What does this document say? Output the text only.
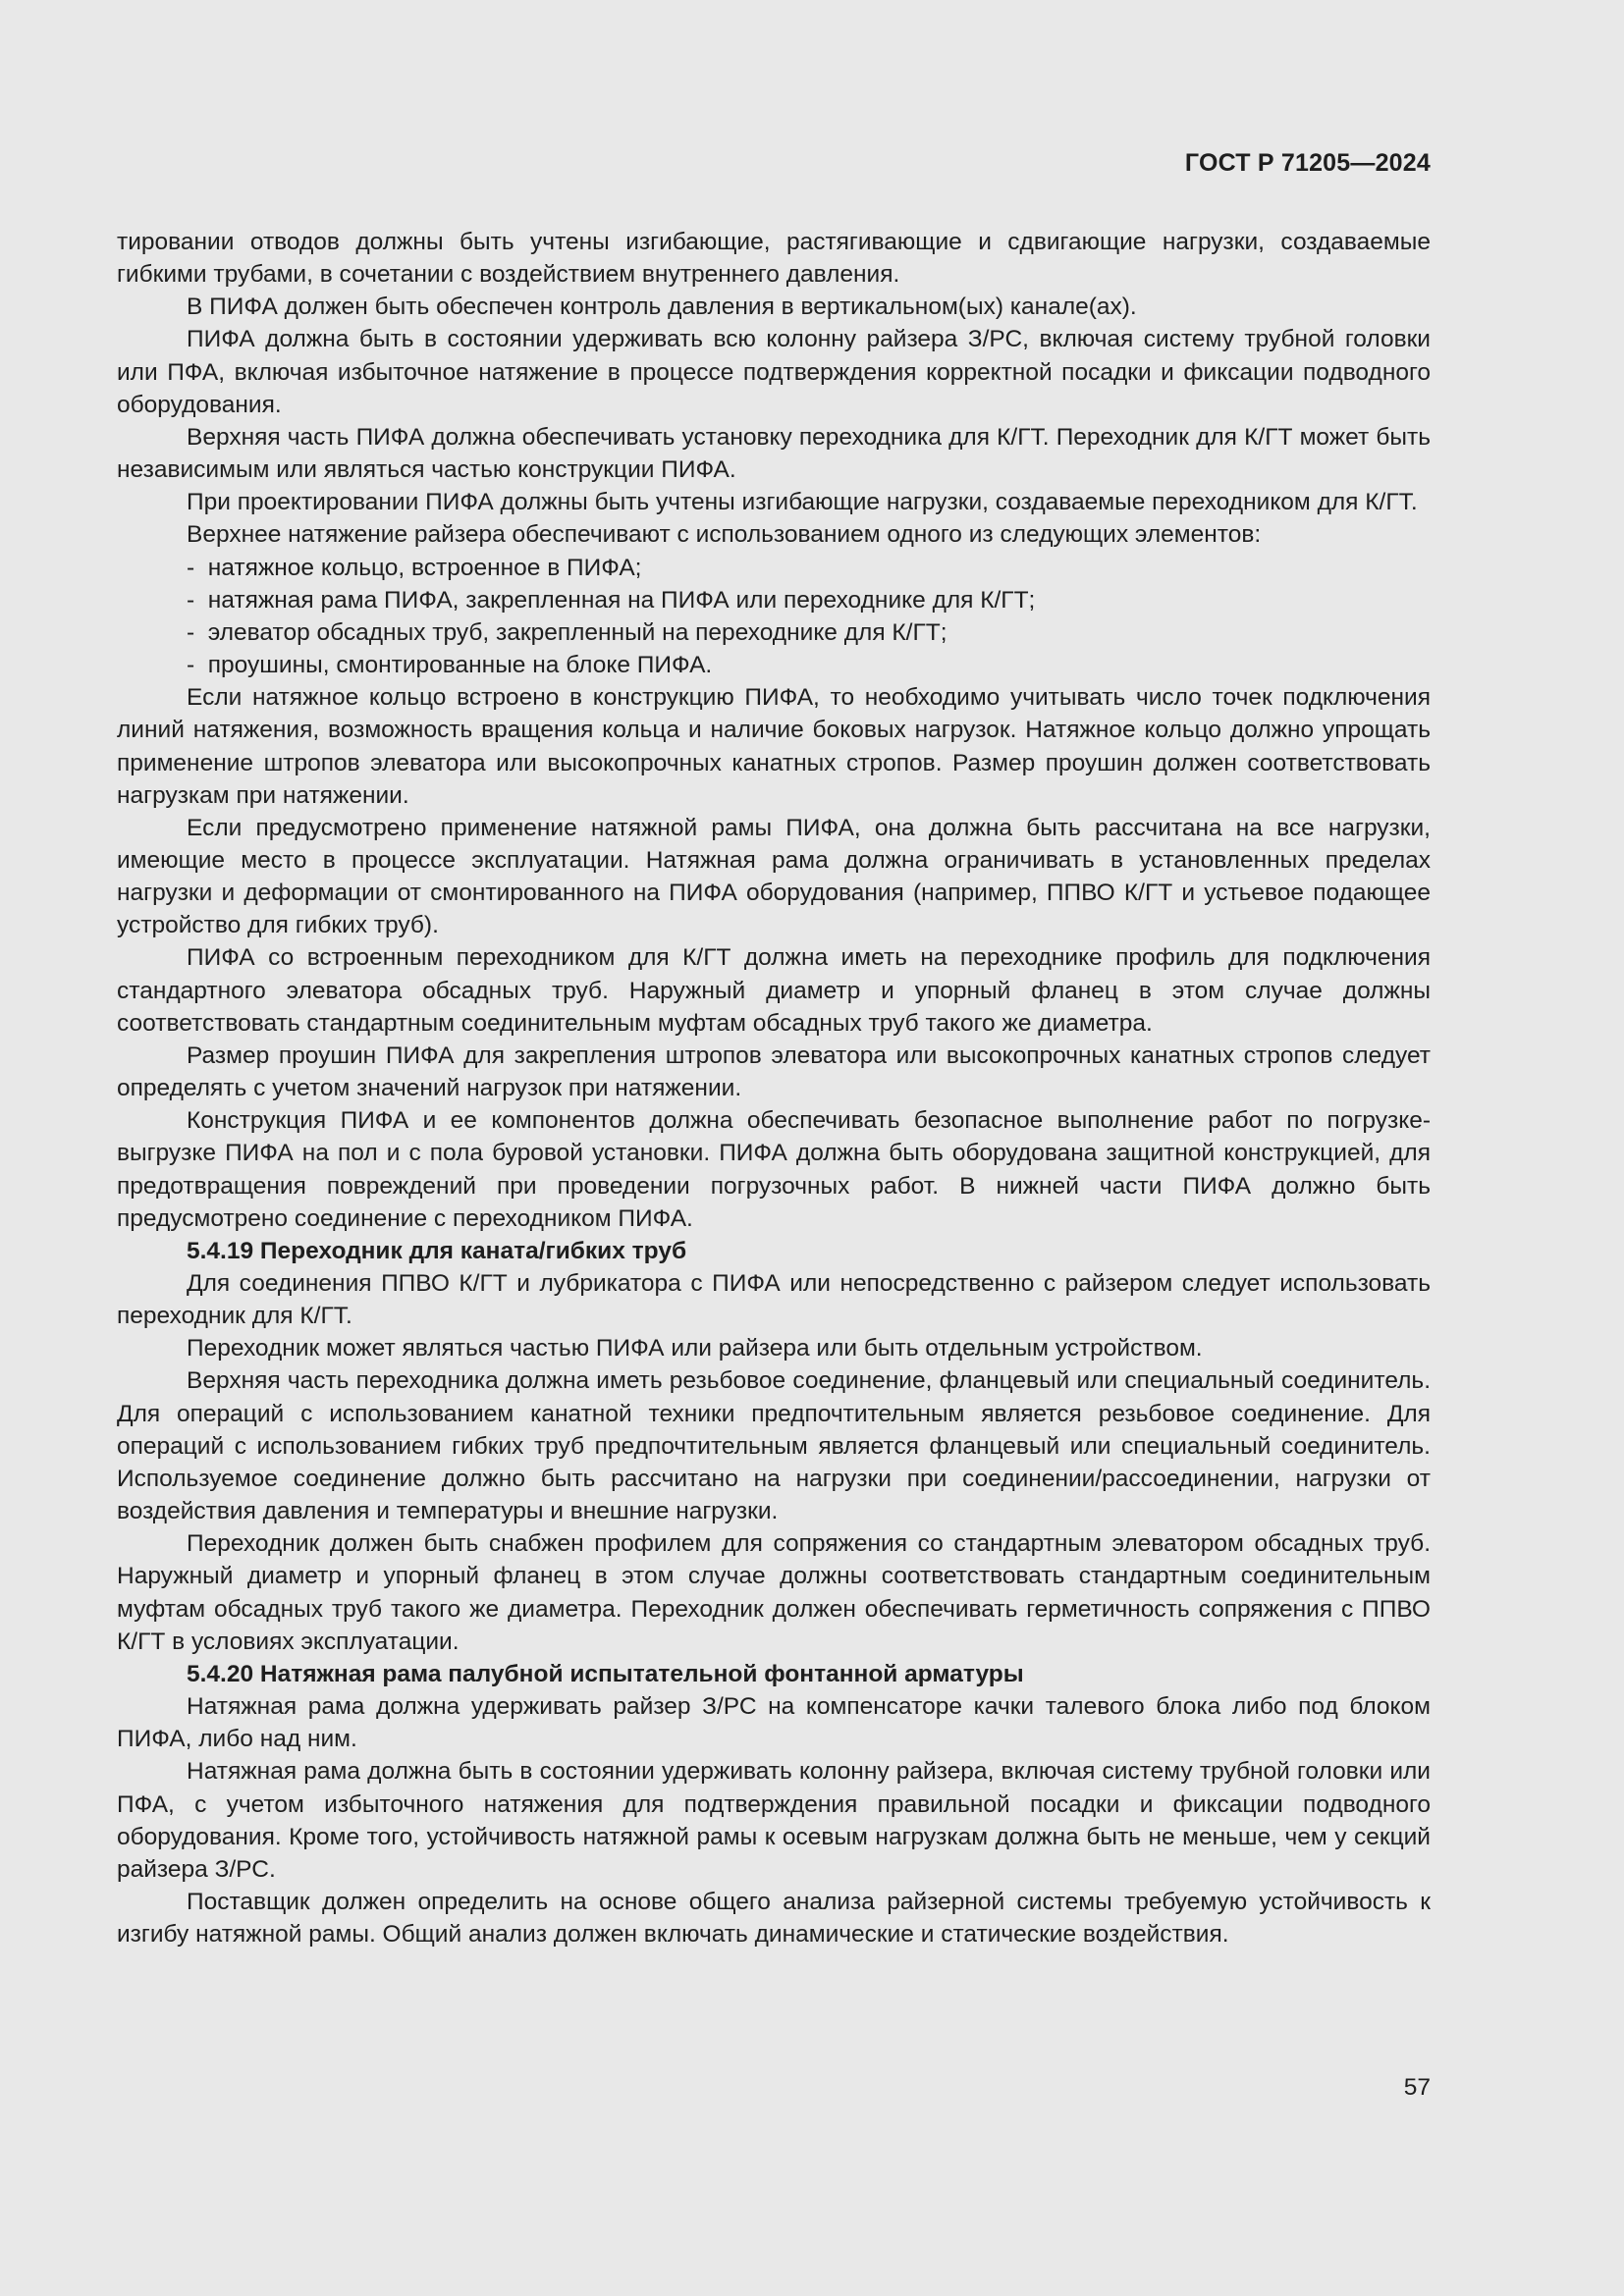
ГОСТ Р 71205—2024

тировании отводов должны быть учтены изгибающие, растягивающие и сдвигающие нагрузки, создаваемые гибкими трубами, в сочетании с воздействием внутреннего давления.

В ПИФА должен быть обеспечен контроль давления в вертикальном(ых) канале(ах).

ПИФА должна быть в состоянии удерживать всю колонну райзера З/РС, включая систему трубной головки или ПФА, включая избыточное натяжение в процессе подтверждения корректной посадки и фиксации подводного оборудования.

Верхняя часть ПИФА должна обеспечивать установку переходника для К/ГТ. Переходник для К/ГТ может быть независимым или являться частью конструкции ПИФА.

При проектировании ПИФА должны быть учтены изгибающие нагрузки, создаваемые переходником для К/ГТ.

Верхнее натяжение райзера обеспечивают с использованием одного из следующих элементов:

- натяжное кольцо, встроенное в ПИФА;

- натяжная рама ПИФА, закрепленная на ПИФА или переходнике для К/ГТ;

- элеватор обсадных труб, закрепленный на переходнике для К/ГТ;

- проушины, смонтированные на блоке ПИФА.

Если натяжное кольцо встроено в конструкцию ПИФА, то необходимо учитывать число точек подключения линий натяжения, возможность вращения кольца и наличие боковых нагрузок. Натяжное кольцо должно упрощать применение штропов элеватора или высокопрочных канатных стропов. Размер проушин должен соответствовать нагрузкам при натяжении.

Если предусмотрено применение натяжной рамы ПИФА, она должна быть рассчитана на все нагрузки, имеющие место в процессе эксплуатации. Натяжная рама должна ограничивать в установленных пределах нагрузки и деформации от смонтированного на ПИФА оборудования (например, ППВО К/ГТ и устьевое подающее устройство для гибких труб).

ПИФА со встроенным переходником для К/ГТ должна иметь на переходнике профиль для подключения стандартного элеватора обсадных труб. Наружный диаметр и упорный фланец в этом случае должны соответствовать стандартным соединительным муфтам обсадных труб такого же диаметра.

Размер проушин ПИФА для закрепления штропов элеватора или высокопрочных канатных стропов следует определять с учетом значений нагрузок при натяжении.

Конструкция ПИФА и ее компонентов должна обеспечивать безопасное выполнение работ по погрузке-выгрузке ПИФА на пол и с пола буровой установки. ПИФА должна быть оборудована защитной конструкцией, для предотвращения повреждений при проведении погрузочных работ. В нижней части ПИФА должно быть предусмотрено соединение с переходником ПИФА.

5.4.19 Переходник для каната/гибких труб

Для соединения ППВО К/ГТ и лубрикатора с ПИФА или непосредственно с райзером следует использовать переходник для К/ГТ.

Переходник может являться частью ПИФА или райзера или быть отдельным устройством.

Верхняя часть переходника должна иметь резьбовое соединение, фланцевый или специальный соединитель. Для операций с использованием канатной техники предпочтительным является резьбовое соединение. Для операций с использованием гибких труб предпочтительным является фланцевый или специальный соединитель. Используемое соединение должно быть рассчитано на нагрузки при соединении/рассоединении, нагрузки от воздействия давления и температуры и внешние нагрузки.

Переходник должен быть снабжен профилем для сопряжения со стандартным элеватором обсадных труб. Наружный диаметр и упорный фланец в этом случае должны соответствовать стандартным соединительным муфтам обсадных труб такого же диаметра. Переходник должен обеспечивать герметичность сопряжения с ППВО К/ГТ в условиях эксплуатации.

5.4.20 Натяжная рама палубной испытательной фонтанной арматуры

Натяжная рама должна удерживать райзер З/РС на компенсаторе качки талевого блока либо под блоком ПИФА, либо над ним.

Натяжная рама должна быть в состоянии удерживать колонну райзера, включая систему трубной головки или ПФА, с учетом избыточного натяжения для подтверждения правильной посадки и фиксации подводного оборудования. Кроме того, устойчивость натяжной рамы к осевым нагрузкам должна быть не меньше, чем у секций райзера З/РС.

Поставщик должен определить на основе общего анализа райзерной системы требуемую устойчивость к изгибу натяжной рамы. Общий анализ должен включать динамические и статические воздействия.

57
